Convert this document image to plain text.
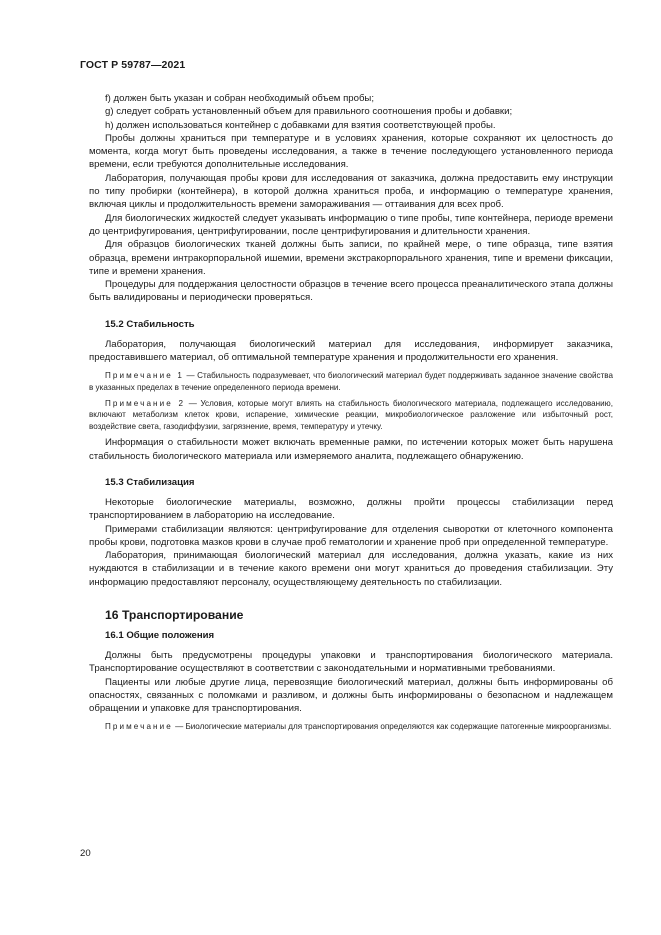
ГОСТ Р 59787—2021

f) должен быть указан и собран необходимый объем пробы;

g) следует собрать установленный объем для правильного соотношения пробы и добавки;

h) должен использоваться контейнер с добавками для взятия соответствующей пробы.

Пробы должны храниться при температуре и в условиях хранения, которые сохраняют их целостность до момента, когда могут быть проведены исследования, а также в течение последующего установленного периода времени, если требуются дополнительные исследования.

Лаборатория, получающая пробы крови для исследования от заказчика, должна предоставить ему инструкции по типу пробирки (контейнера), в которой должна храниться проба, и информацию о температуре хранения, включая циклы и продолжительность времени замораживания — оттаивания для всех проб.

Для биологических жидкостей следует указывать информацию о типе пробы, типе контейнера, периоде времени до центрифугирования, центрифугировании, после центрифугирования и длительности хранения.

Для образцов биологических тканей должны быть записи, по крайней мере, о типе образца, типе взятия образца, времени интракорпоральной ишемии, времени экстракорпорального хранения, типе и времени фиксации, типе и времени хранения.

Процедуры для поддержания целостности образцов в течение всего процесса преаналитического этапа должны быть валидированы и периодически проверяться.

15.2 Стабильность

Лаборатория, получающая биологический материал для исследования, информирует заказчика, предоставившего материал, об оптимальной температуре хранения и продолжительности его хранения.

Примечание 1 — Стабильность подразумевает, что биологический материал будет поддерживать заданное значение свойства в указанных пределах в течение определенного периода времени.

Примечание 2 — Условия, которые могут влиять на стабильность биологического материала, подлежащего исследованию, включают метаболизм клеток крови, испарение, химические реакции, микробиологическое разложение или избыточный рост, воздействие света, газодиффузии, загрязнение, время, температуру и утечку.

Информация о стабильности может включать временные рамки, по истечении которых может быть нарушена стабильность биологического материала или измеряемого аналита, подлежащего обнаружению.

15.3 Стабилизация

Некоторые биологические материалы, возможно, должны пройти процессы стабилизации перед транспортированием в лабораторию на исследование.

Примерами стабилизации являются: центрифугирование для отделения сыворотки от клеточного компонента пробы крови, подготовка мазков крови в случае проб гематологии и хранение проб при определенной температуре.

Лаборатория, принимающая биологический материал для исследования, должна указать, какие из них нуждаются в стабилизации и в течение какого времени они могут храниться до проведения стабилизации. Эту информацию предоставляют персоналу, осуществляющему деятельность по стабилизации.

16 Транспортирование
16.1 Общие положения

Должны быть предусмотрены процедуры упаковки и транспортирования биологического материала. Транспортирование осуществляют в соответствии с законодательными и нормативными требованиями.

Пациенты или любые другие лица, перевозящие биологический материал, должны быть информированы об опасностях, связанных с поломками и разливом, и должны быть информированы о безопасном и надлежащем обращении и упаковке для транспортирования.

Примечание — Биологические материалы для транспортирования определяются как содержащие патогенные микроорганизмы.

20
